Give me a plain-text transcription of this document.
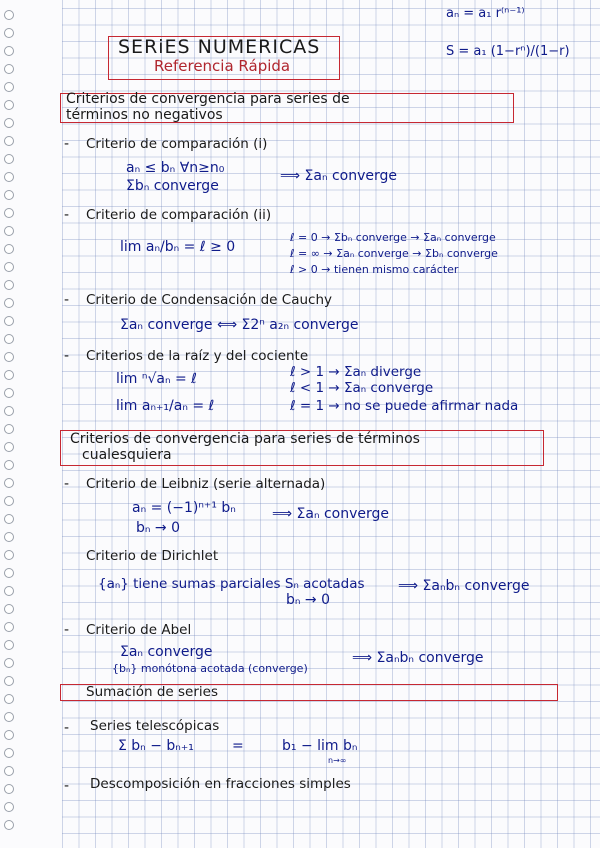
SERiES NUMERICAS
Referencia Rápida
aₙ = a₁ r⁽ⁿ⁻¹⁾
S = a₁ (1−rⁿ)/(1−r)
Criterios de convergencia para series de
términos no negativos
- Criterio de comparación (i)
aₙ ≤ bₙ ∀n≥n₀
Σbₙ converge
⟹ Σaₙ converge
- Criterio de comparación (ii)
lim aₙ/bₙ = ℓ ≥ 0
ℓ = 0 → Σbₙ converge → Σaₙ converge
ℓ = ∞ → Σaₙ converge → Σbₙ converge
ℓ > 0 → tienen mismo carácter
- Criterio de Condensación de Cauchy
Σaₙ converge ⟺ Σ2ⁿ a₂ₙ converge
- Criterios de la raíz y del cociente
lim ⁿ√aₙ = ℓ
lim aₙ₊₁/aₙ = ℓ
ℓ > 1 → Σaₙ diverge
ℓ < 1 → Σaₙ converge
ℓ = 1 → no se puede afirmar nada
Criterios de convergencia para series de términos
cualesquiera
- Criterio de Leibniz (serie alternada)
aₙ = (−1)ⁿ⁺¹ bₙ
bₙ → 0
⟹ Σaₙ converge
Criterio de Dirichlet
{aₙ} tiene sumas parciales Sₙ acotadas
bₙ → 0
⟹ Σaₙbₙ converge
- Criterio de Abel
Σaₙ converge
{bₙ} monótona acotada (converge)
⟹ Σaₙbₙ converge
Sumación de series
- Series telescópicas
Σ bₙ − bₙ₊₁	=	b₁ − lim bₙ
n→∞
- Descomposición en fracciones simples
